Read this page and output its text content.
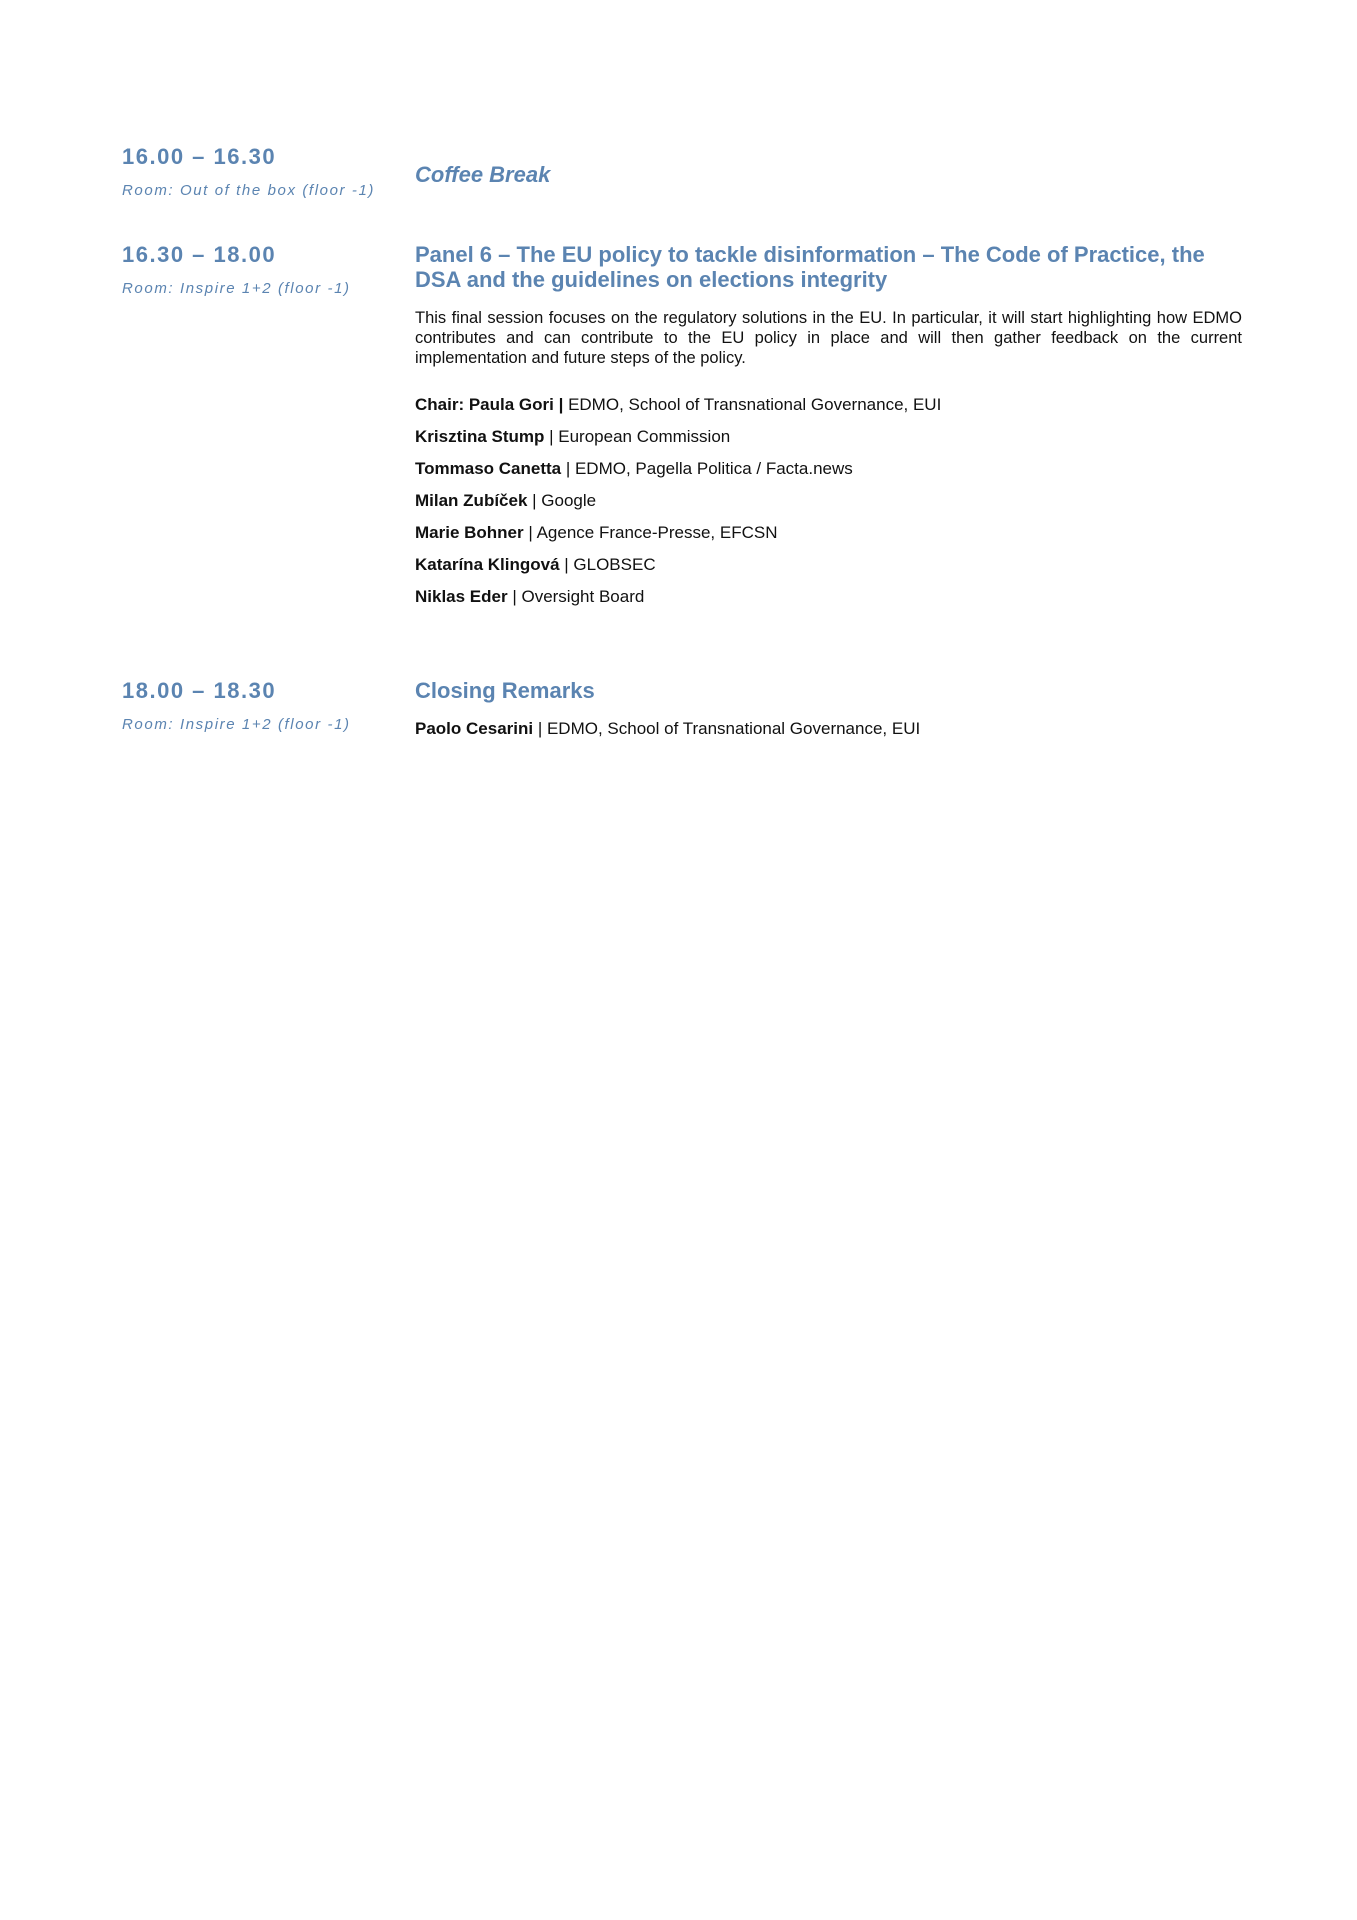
16.00 – 16.30

Room: Out of the box (floor -1)

Coffee Break

16.30 – 18.00

Room: Inspire 1+2 (floor -1)

Panel 6 – The EU policy to tackle disinformation – The Code of Practice, the DSA and the guidelines on elections integrity

This final session focuses on the regulatory solutions in the EU. In particular, it will start highlighting how EDMO contributes and can contribute to the EU policy in place and will then gather feedback on the current implementation and future steps of the policy.
Chair: Paula Gori | EDMO, School of Transnational Governance, EUI
Krisztina Stump | European Commission
Tommaso Canetta | EDMO, Pagella Politica / Facta.news
Milan Zubíček | Google
Marie Bohner | Agence France-Presse, EFCSN
Katarína Klingová | GLOBSEC
Niklas Eder | Oversight Board

18.00 – 18.30

Room: Inspire 1+2 (floor -1)

Closing Remarks

Paolo Cesarini | EDMO, School of Transnational Governance, EUI
